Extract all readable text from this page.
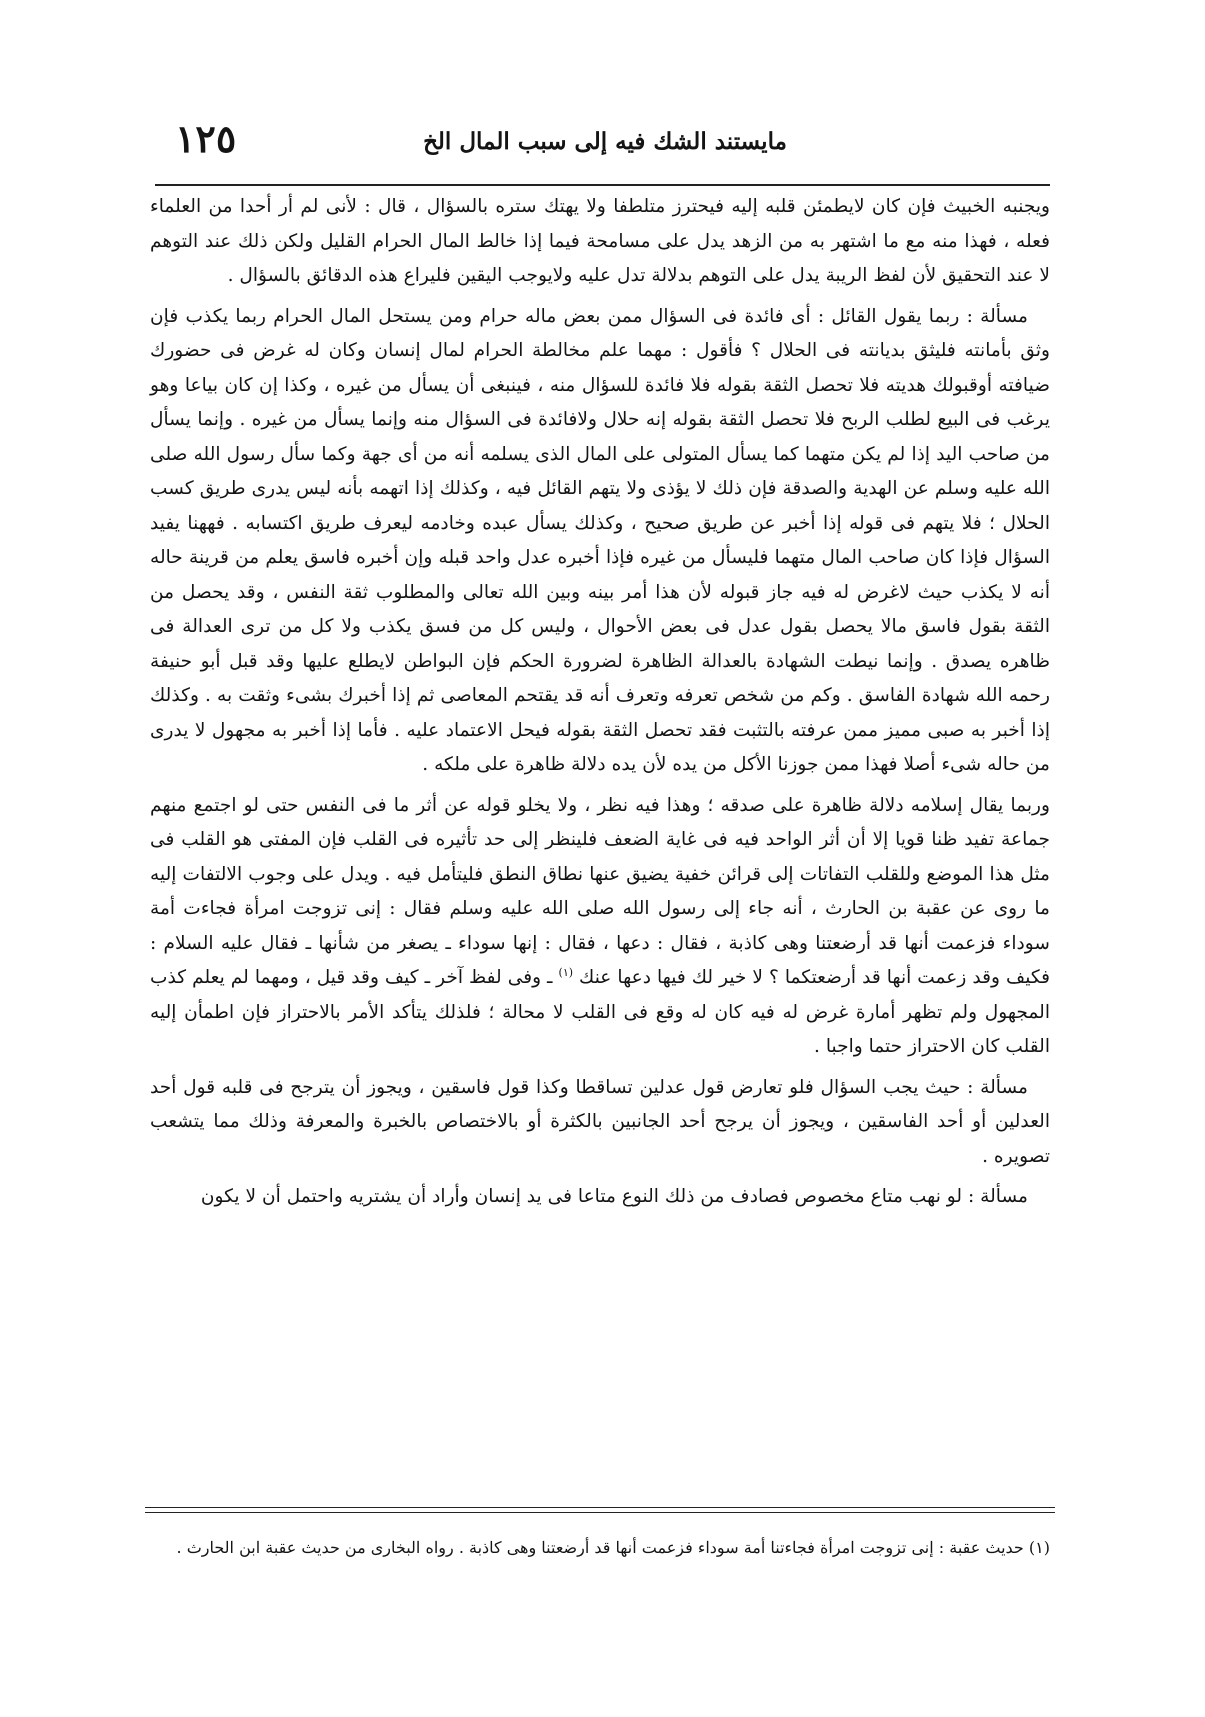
مايستند الشك فيه إلى سبب المال الخ
١٢٥

ويجنبه الخبيث فإن كان لايطمئن قلبه إليه فيحترز متلطفا ولا يهتك ستره بالسؤال ، قال : لأنى لم أر أحدا من العلماء فعله ، فهذا منه مع ما اشتهر به من الزهد يدل على مسامحة فيما إذا خالط المال الحرام القليل ولكن ذلك عند التوهم لا عند التحقيق لأن لفظ الريبة يدل على التوهم بدلالة تدل عليه ولايوجب اليقين فليراع هذه الدقائق بالسؤال .

مسألة : ربما يقول القائل : أى فائدة فى السؤال ممن بعض ماله حرام ومن يستحل المال الحرام ربما يكذب فإن وثق بأمانته فليثق بديانته فى الحلال ؟ فأقول : مهما علم مخالطة الحرام لمال إنسان وكان له غرض فى حضورك ضيافته أوقبولك هديته فلا تحصل الثقة بقوله فلا فائدة للسؤال منه ، فينبغى أن يسأل من غيره ، وكذا إن كان بياعا وهو يرغب فى البيع لطلب الربح فلا تحصل الثقة بقوله إنه حلال ولافائدة فى السؤال منه وإنما يسأل من غيره . وإنما يسأل من صاحب اليد إذا لم يكن متهما كما يسأل المتولى على المال الذى يسلمه أنه من أى جهة وكما سأل رسول الله صلى الله عليه وسلم عن الهدية والصدقة فإن ذلك لا يؤذى ولا يتهم القائل فيه ، وكذلك إذا اتهمه بأنه ليس يدرى طريق كسب الحلال ؛ فلا يتهم فى قوله إذا أخبر عن طريق صحيح ، وكذلك يسأل عبده وخادمه ليعرف طريق اكتسابه . فههنا يفيد السؤال فإذا كان صاحب المال متهما فليسأل من غيره فإذا أخبره عدل واحد قبله وإن أخبره فاسق يعلم من قرينة حاله أنه لا يكذب حيث لاغرض له فيه جاز قبوله لأن هذا أمر بينه وبين الله تعالى والمطلوب ثقة النفس ، وقد يحصل من الثقة بقول فاسق مالا يحصل بقول عدل فى بعض الأحوال ، وليس كل من فسق يكذب ولا كل من ترى العدالة فى ظاهره يصدق . وإنما نيطت الشهادة بالعدالة الظاهرة لضرورة الحكم فإن البواطن لايطلع عليها وقد قبل أبو حنيفة رحمه الله شهادة الفاسق . وكم من شخص تعرفه وتعرف أنه قد يقتحم المعاصى ثم إذا أخبرك بشىء وثقت به . وكذلك إذا أخبر به صبى مميز ممن عرفته بالتثبت فقد تحصل الثقة بقوله فيحل الاعتماد عليه . فأما إذا أخبر به مجهول لا يدرى من حاله شىء أصلا فهذا ممن جوزنا الأكل من يده لأن يده دلالة ظاهرة على ملكه .

وربما يقال إسلامه دلالة ظاهرة على صدقه ؛ وهذا فيه نظر ، ولا يخلو قوله عن أثر ما فى النفس حتى لو اجتمع منهم جماعة تفيد ظنا قويا إلا أن أثر الواحد فيه فى غاية الضعف فلينظر إلى حد تأثيره فى القلب فإن المفتى هو القلب فى مثل هذا الموضع وللقلب التفاتات إلى قرائن خفية يضيق عنها نطاق النطق فليتأمل فيه . ويدل على وجوب الالتفات إليه ما روى عن عقبة بن الحارث ، أنه جاء إلى رسول الله صلى الله عليه وسلم فقال : إنى تزوجت امرأة فجاءت أمة سوداء فزعمت أنها قد أرضعتنا وهى كاذبة ، فقال : دعها ، فقال : إنها سوداء ـ يصغر من شأنها ـ فقال عليه السلام : فكيف وقد زعمت أنها قد أرضعتكما ؟ لا خير لك فيها دعها عنك $^{(١)}$ ـ وفى لفظ آخر ـ كيف وقد قيل ، ومهما لم يعلم كذب المجهول ولم تظهر أمارة غرض له فيه كان له وقع فى القلب لا محالة ؛ فلذلك يتأكد الأمر بالاحتراز فإن اطمأن إليه القلب كان الاحتراز حتما واجبا .

مسألة : حيث يجب السؤال فلو تعارض قول عدلين تساقطا وكذا قول فاسقين ، ويجوز أن يترجح فى قلبه قول أحد العدلين أو أحد الفاسقين ، ويجوز أن يرجح أحد الجانبين بالكثرة أو بالاختصاص بالخبرة والمعرفة وذلك مما يتشعب تصويره .

مسألة : لو نهب متاع مخصوص فصادف من ذلك النوع متاعا فى يد إنسان وأراد أن يشتريه واحتمل أن لا يكون

(١) حديث عقبة : إنى تزوجت امرأة فجاءتنا أمة سوداء فزعمت أنها قد أرضعتنا وهى كاذبة . رواه البخارى من حديث عقبة ابن الحارث .
